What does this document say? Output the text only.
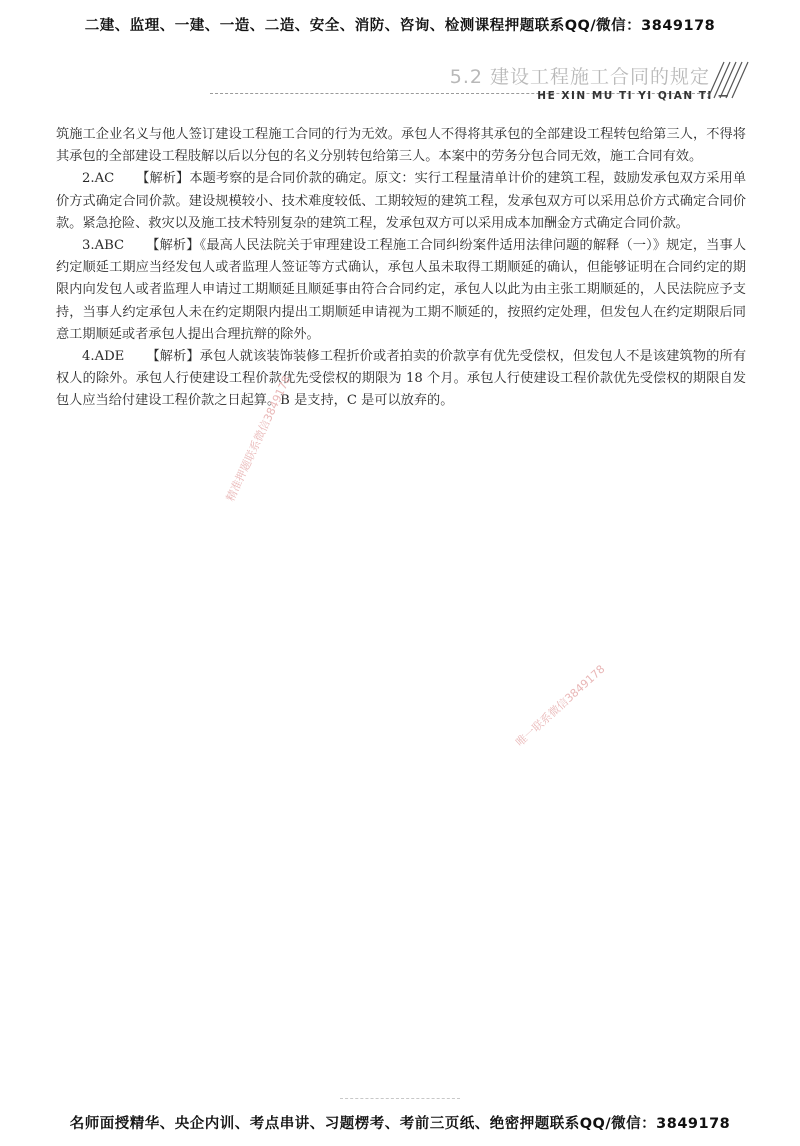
二建、监理、一建、一造、二造、安全、消防、咨询、检测课程押题联系QQ/微信：3849178
5.2 建设工程施工合同的规定
HE XIN MU TI YI QIAN TI —

筑施工企业名义与他人签订建设工程施工合同的行为无效。承包人不得将其承包的全部建设工程转包给第三人，不得将其承包的全部建设工程肢解以后以分包的名义分别转包给第三人。本案中的劳务分包合同无效，施工合同有效。

2.AC 【解析】本题考察的是合同价款的确定。原文：实行工程量清单计价的建筑工程，鼓励发承包双方采用单价方式确定合同价款。建设规模较小、技术难度较低、工期较短的建筑工程，发承包双方可以采用总价方式确定合同价款。紧急抢险、救灾以及施工技术特别复杂的建筑工程，发承包双方可以采用成本加酬金方式确定合同价款。

3.ABC 【解析】《最高人民法院关于审理建设工程施工合同纠纷案件适用法律问题的解释（一）》规定，当事人约定顺延工期应当经发包人或者监理人签证等方式确认，承包人虽未取得工期顺延的确认，但能够证明在合同约定的期限内向发包人或者监理人申请过工期顺延且顺延事由符合合同约定，承包人以此为由主张工期顺延的，人民法院应予支持，当事人约定承包人未在约定期限内提出工期顺延申请视为工期不顺延的，按照约定处理，但发包人在约定期限后同意工期顺延或者承包人提出合理抗辩的除外。

4.ADE 【解析】承包人就该装饰装修工程折价或者拍卖的价款享有优先受偿权，但发包人不是该建筑物的所有权人的除外。承包人行使建设工程价款优先受偿权的期限为 18 个月。承包人行使建设工程价款优先受偿权的期限自发包人应当给付建设工程价款之日起算。B 是支持，C 是可以放弃的。

精准押题联系微信3849178
唯一联系微信3849178
名师面授精华、央企内训、考点串讲、习题楞考、考前三页纸、绝密押题联系QQ/微信：3849178
